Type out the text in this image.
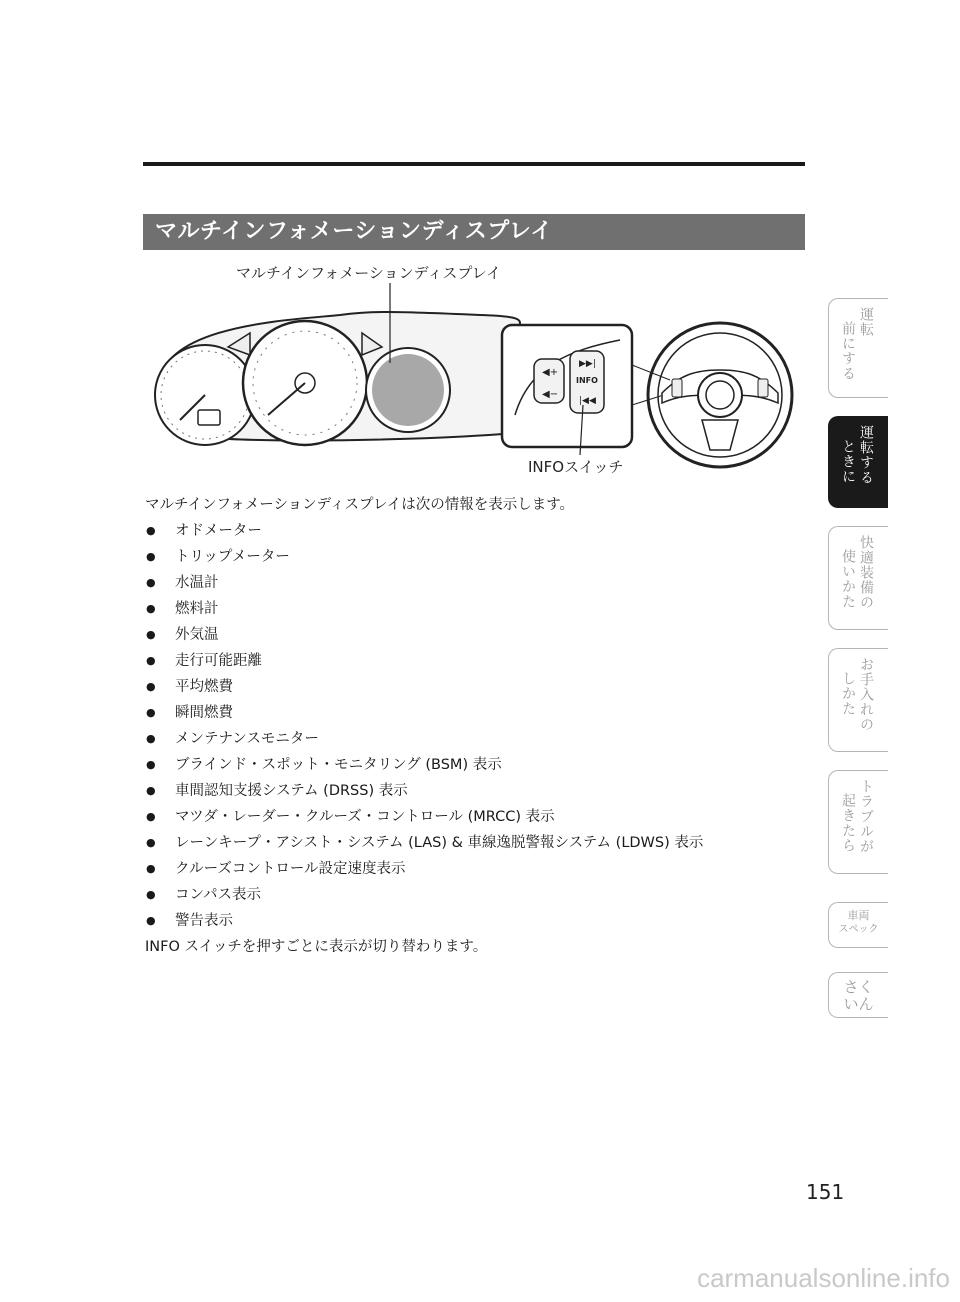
マルチインフォメーションディスプレイ
◀+
◀−
▶▶|
INFO
|◀◀
マルチインフォメーションディスプレイ
INFOスイッチ

マルチインフォメーションディスプレイは次の情報を表示します。

● オドメーター
● トリップメーター
● 水温計
● 燃料計
● 外気温
● 走行可能距離
● 平均燃費
● 瞬間燃費
● メンテナンスモニター
● ブラインド・スポット・モニタリング (BSM) 表示
● 車間認知支援システム (DRSS) 表示
● マツダ・レーダー・クルーズ・コントロール (MRCC) 表示
● レーンキープ・アシスト・システム (LAS) & 車線逸脱警報システム (LDWS) 表示
● クルーズコントロール設定速度表示
● コンパス表示
● 警告表示

INFO スイッチを押すごとに表示が切り替わります。

運転
前にする
運転する
ときに
快適装備の
使いかた
お手入れの
しかた
トラブルが
起きたら
車両
スペック
さく
いん
151
carmanualsonline.info
